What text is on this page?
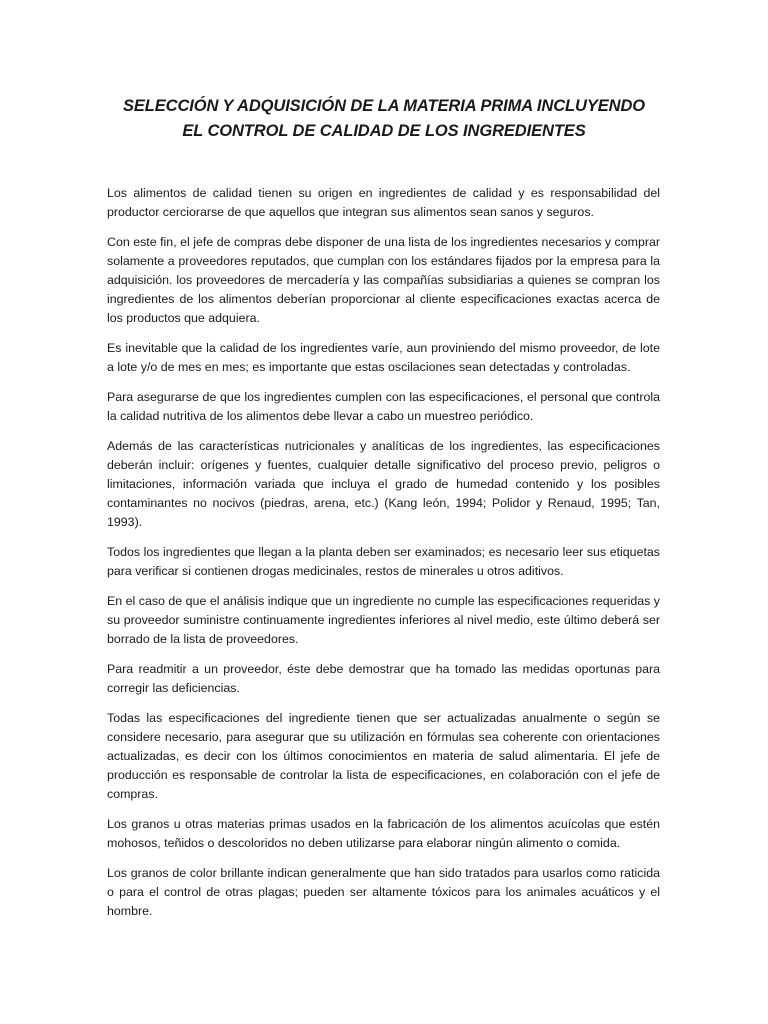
SELECCIÓN Y ADQUISICIÓN DE LA MATERIA PRIMA INCLUYENDO
EL CONTROL DE CALIDAD DE LOS INGREDIENTES

Los alimentos de calidad tienen su origen en ingredientes de calidad y es responsabilidad del productor cerciorarse de que aquellos que integran sus alimentos sean sanos y seguros.

Con este fin, el jefe de compras debe disponer de una lista de los ingredientes necesarios y comprar solamente a proveedores reputados, que cumplan con los estándares fijados por la empresa para la adquisición. los proveedores de mercadería y las compañías subsidiarias a quienes se compran los ingredientes de los alimentos deberían proporcionar al cliente especificaciones exactas acerca de los productos que adquiera.

Es inevitable que la calidad de los ingredientes varíe, aun proviniendo del mismo proveedor, de lote a lote y/o de mes en mes; es importante que estas oscilaciones sean detectadas y controladas.

Para asegurarse de que los ingredientes cumplen con las especificaciones, el personal que controla la calidad nutritiva de los alimentos debe llevar a cabo un muestreo periódico.

Además de las características nutricionales y analíticas de los ingredientes, las especificaciones deberán incluir: orígenes y fuentes, cualquier detalle significativo del proceso previo, peligros o limitaciones, información variada que incluya el grado de humedad contenido y los posibles contaminantes no nocivos (piedras, arena, etc.) (Kang león, 1994; Polidor y Renaud, 1995; Tan, 1993).

Todos los ingredientes que llegan a la planta deben ser examinados; es necesario leer sus etiquetas para verificar si contienen drogas medicinales, restos de minerales u otros aditivos.

En el caso de que el análisis indique que un ingrediente no cumple las especificaciones requeridas y su proveedor suministre continuamente ingredientes inferiores al nivel medio, este último deberá ser borrado de la lista de proveedores.

Para readmitir a un proveedor, éste debe demostrar que ha tomado las medidas oportunas para corregir las deficiencias.

Todas las especificaciones del ingrediente tienen que ser actualizadas anualmente o según se considere necesario, para asegurar que su utilización en fórmulas sea coherente con orientaciones actualizadas, es decir con los últimos conocimientos en materia de salud alimentaria. El jefe de producción es responsable de controlar la lista de especificaciones, en colaboración con el jefe de compras.

Los granos u otras materias primas usados en la fabricación de los alimentos acuícolas que estén mohosos, teñidos o descoloridos no deben utilizarse para elaborar ningún alimento o comida.

Los granos de color brillante indican generalmente que han sido tratados para usarlos como raticida o para el control de otras plagas; pueden ser altamente tóxicos para los animales acuáticos y el hombre.
